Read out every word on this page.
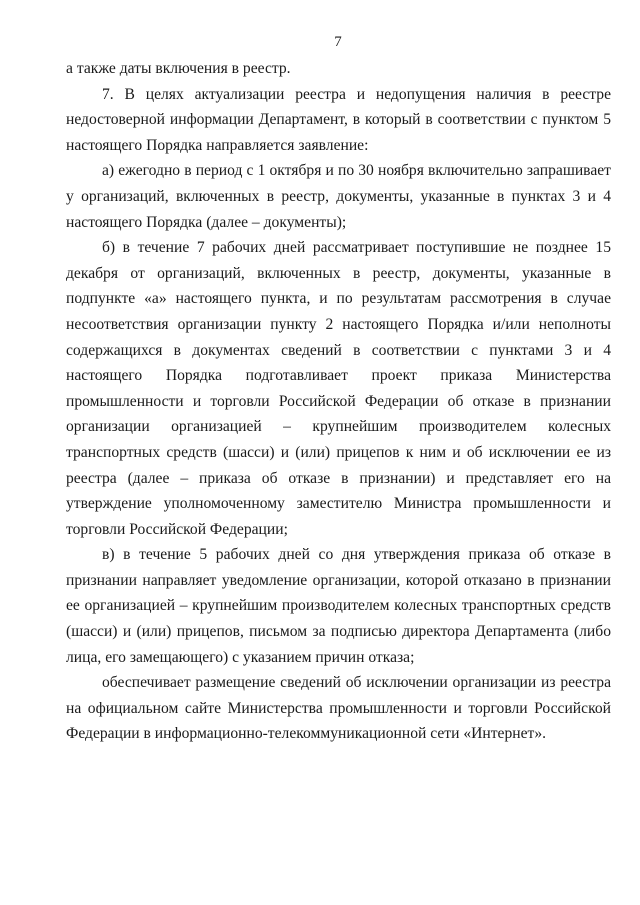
7

а также даты включения в реестр.

7. В целях актуализации реестра и недопущения наличия в реестре недостоверной информации Департамент, в который в соответствии с пунктом 5 настоящего Порядка направляется заявление:

а) ежегодно в период с 1 октября и по 30 ноября включительно запрашивает у организаций, включенных в реестр, документы, указанные в пунктах 3 и 4 настоящего Порядка (далее – документы);

б) в течение 7 рабочих дней рассматривает поступившие не позднее 15 декабря от организаций, включенных в реестр, документы, указанные в подпункте «а» настоящего пункта, и по результатам рассмотрения в случае несоответствия организации пункту 2 настоящего Порядка и/или неполноты содержащихся в документах сведений в соответствии с пунктами 3 и 4 настоящего Порядка подготавливает проект приказа Министерства промышленности и торговли Российской Федерации об отказе в признании организации организацией – крупнейшим производителем колесных транспортных средств (шасси) и (или) прицепов к ним и об исключении ее из реестра (далее – приказа об отказе в признании) и представляет его на утверждение уполномоченному заместителю Министра промышленности и торговли Российской Федерации;

в) в течение 5 рабочих дней со дня утверждения приказа об отказе в признании направляет уведомление организации, которой отказано в признании ее организацией – крупнейшим производителем колесных транспортных средств (шасси) и (или) прицепов, письмом за подписью директора Департамента (либо лица, его замещающего) с указанием причин отказа;

обеспечивает размещение сведений об исключении организации из реестра на официальном сайте Министерства промышленности и торговли Российской Федерации в информационно-телекоммуникационной сети «Интернет».
